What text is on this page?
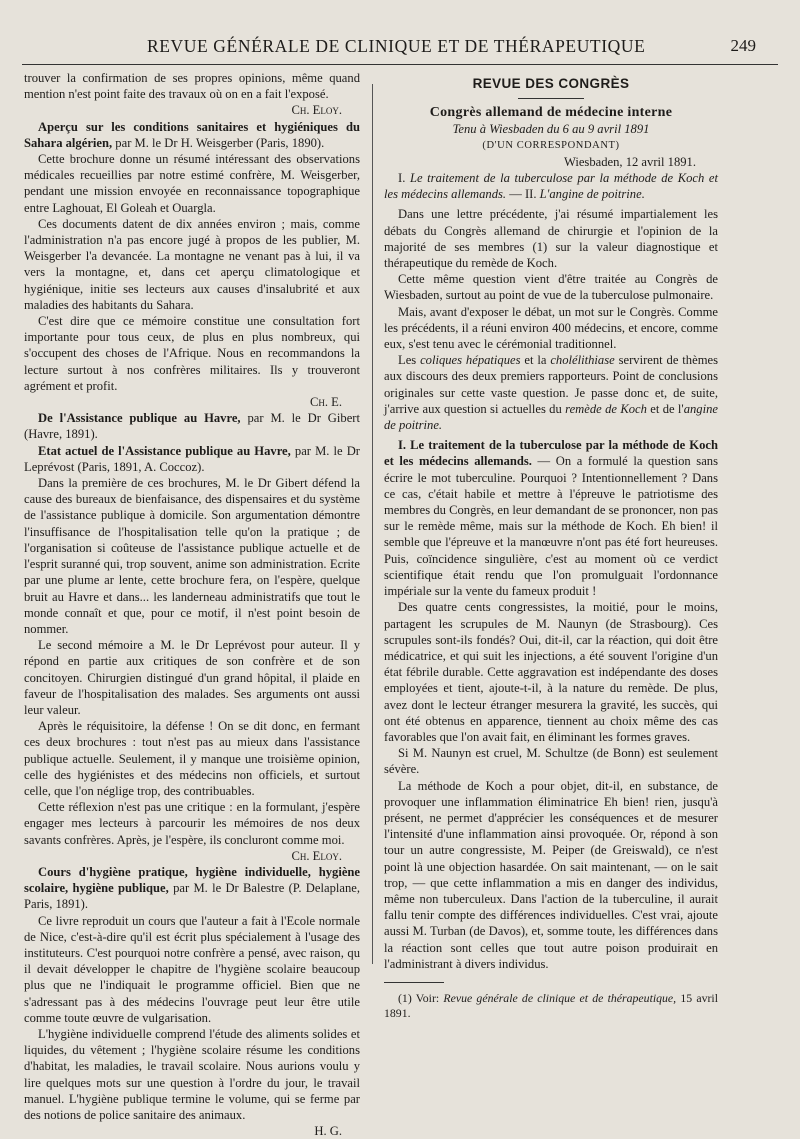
REVUE GÉNÉRALE DE CLINIQUE ET DE THÉRAPEUTIQUE	249

trouver la confirmation de ses propres opinions, même quand mention n'est point faite des travaux où on en a fait l'exposé.

Ch. Eloy.

Aperçu sur les conditions sanitaires et hygiéniques du Sahara algérien, par M. le Dr H. Weisgerber (Paris, 1890).

Cette brochure donne un résumé intéressant des observations médicales recueillies par notre estimé confrère, M. Weisgerber, pendant une mission envoyée en reconnaissance topographique entre Laghouat, El Goleah et Ouargla.

Ces documents datent de dix années environ ; mais, comme l'administration n'a pas encore jugé à propos de les publier, M. Weisgerber l'a devancée. La montagne ne venant pas à lui, il va vers la montagne, et, dans cet aperçu climatologique et hygiénique, initie ses lecteurs aux causes d'insalubrité et aux maladies des habitants du Sahara.

C'est dire que ce mémoire constitue une consultation fort importante pour tous ceux, de plus en plus nombreux, qui s'occupent des choses de l'Afrique. Nous en recommandons la lecture surtout à nos confrères militaires. Ils y trouveront agrément et profit.

Ch. E.

De l'Assistance publique au Havre, par M. le Dr Gibert (Havre, 1891).

Etat actuel de l'Assistance publique au Havre, par M. le Dr Leprévost (Paris, 1891, A. Coccoz).

Dans la première de ces brochures, M. le Dr Gibert défend la cause des bureaux de bienfaisance, des dispensaires et du système de l'assistance publique à domicile. Son argumentation démontre l'insuffisance de l'hospitalisation telle qu'on la pratique ; de l'organisation si coûteuse de l'assistance publique actuelle et de l'esprit suranné qui, trop souvent, anime son administration. Ecrite par une plume ar lente, cette brochure fera, on l'espère, quelque bruit au Havre et dans... les landerneau administratifs que tout le monde connaît et que, pour ce motif, il n'est point besoin de nommer.

Le second mémoire a M. le Dr Leprévost pour auteur. Il y répond en partie aux critiques de son confrère et de son concitoyen. Chirurgien distingué d'un grand hôpital, il plaide en faveur de l'hospitalisation des malades. Ses arguments ont aussi leur valeur.

Après le réquisitoire, la défense ! On se dit donc, en fermant ces deux brochures : tout n'est pas au mieux dans l'assistance publique actuelle. Seulement, il y manque une troisième opinion, celle des hygiénistes et des médecins non officiels, et surtout celle, que l'on néglige trop, des contribuables.

Cette réflexion n'est pas une critique : en la formulant, j'espère engager mes lecteurs à parcourir les mémoires de nos deux savants confrères. Après, je l'espère, ils concluront comme moi.

Ch. Eloy.

Cours d'hygiène pratique, hygiène individuelle, hygiène scolaire, hygiène publique, par M. le Dr Balestre (P. Delaplane, Paris, 1891).

Ce livre reproduit un cours que l'auteur a fait à l'Ecole normale de Nice, c'est-à-dire qu'il est écrit plus spécialement à l'usage des instituteurs. C'est pourquoi notre confrère a pensé, avec raison, qu il devait développer le chapitre de l'hygiène scolaire beaucoup plus que ne l'indiquait le programme officiel. Bien que ne s'adressant pas à des médecins l'ouvrage peut leur être utile comme toute œuvre de vulgarisation.

L'hygiène individuelle comprend l'étude des aliments solides et liquides, du vêtement ; l'hygiène scolaire résume les conditions d'habitat, les maladies, le travail scolaire. Nous aurions voulu y lire quelques mots sur une question à l'ordre du jour, le travail manuel. L'hygiène publique termine le volume, qui se ferme par des notions de police sanitaire des animaux.

H. G.

REVUE DES CONGRÈS

Congrès allemand de médecine interne

Tenu à Wiesbaden du 6 au 9 avril 1891

(D'UN CORRESPONDANT)

Wiesbaden, 12 avril 1891.

I. Le traitement de la tuberculose par la méthode de Koch et les médecins allemands. — II. L'angine de poitrine.

Dans une lettre précédente, j'ai résumé impartialement les débats du Congrès allemand de chirurgie et l'opinion de la majorité de ses membres (1) sur la valeur diagnostique et thérapeutique du remède de Koch.

Cette même question vient d'être traitée au Congrès de Wiesbaden, surtout au point de vue de la tuberculose pulmonaire.

Mais, avant d'exposer le débat, un mot sur le Congrès. Comme les précédents, il a réuni environ 400 médecins, et encore, comme eux, s'est tenu avec le cérémonial traditionnel.

Les coliques hépatiques et la cholélithiase servirent de thèmes aux discours des deux premiers rapporteurs. Point de conclusions originales sur cette vaste question. Je passe donc et, de suite, j'arrive aux question si actuelles du remède de Koch et de l'angine de poitrine.

I. Le traitement de la tuberculose par la méthode de Koch et les médecins allemands. — On a formulé la question sans écrire le mot tuberculine. Pourquoi ? Intentionnellement ? Dans ce cas, c'était habile et mettre à l'épreuve le patriotisme des membres du Congrès, en leur demandant de se prononcer, non pas sur le remède même, mais sur la méthode de Koch. Eh bien! il semble que l'épreuve et la manœuvre n'ont pas été fort heureuses. Puis, coïncidence singulière, c'est au moment où ce verdict scientifique était rendu que l'on promulguait l'ordonnance impériale sur la vente du fameux produit !

Des quatre cents congressistes, la moitié, pour le moins, partagent les scrupules de M. Naunyn (de Strasbourg). Ces scrupules sont-ils fondés? Oui, dit-il, car la réaction, qui doit être médicatrice, et qui suit les injections, a été souvent l'origine d'un état fébrile durable. Cette aggravation est indépendante des doses employées et tient, ajoute-t-il, à la nature du remède. De plus, avez dont le lecteur étranger mesurera la gravité, les succès, qui ont été obtenus en apparence, tiennent au choix même des cas favorables que l'on avait fait, en éliminant les formes graves.

Si M. Naunyn est cruel, M. Schultze (de Bonn) est seulement sévère.

La méthode de Koch a pour objet, dit-il, en substance, de provoquer une inflammation éliminatrice Eh bien! rien, jusqu'à présent, ne permet d'apprécier les conséquences et de mesurer l'intensité d'une inflammation ainsi provoquée. Or, répond à son tour un autre congressiste, M. Peiper (de Greiswald), ce n'est point là une objection hasardée. On sait maintenant, — on le sait trop, — que cette inflammation a mis en danger des individus, même non tuberculeux. Dans l'action de la tuberculine, il aurait fallu tenir compte des différences individuelles. C'est vrai, ajoute aussi M. Turban (de Davos), et, somme toute, les différences dans la réaction sont celles que tout autre poison produirait en l'administrant à divers individus.

(1) Voir: Revue générale de clinique et de thérapeutique, 15 avril 1891.
